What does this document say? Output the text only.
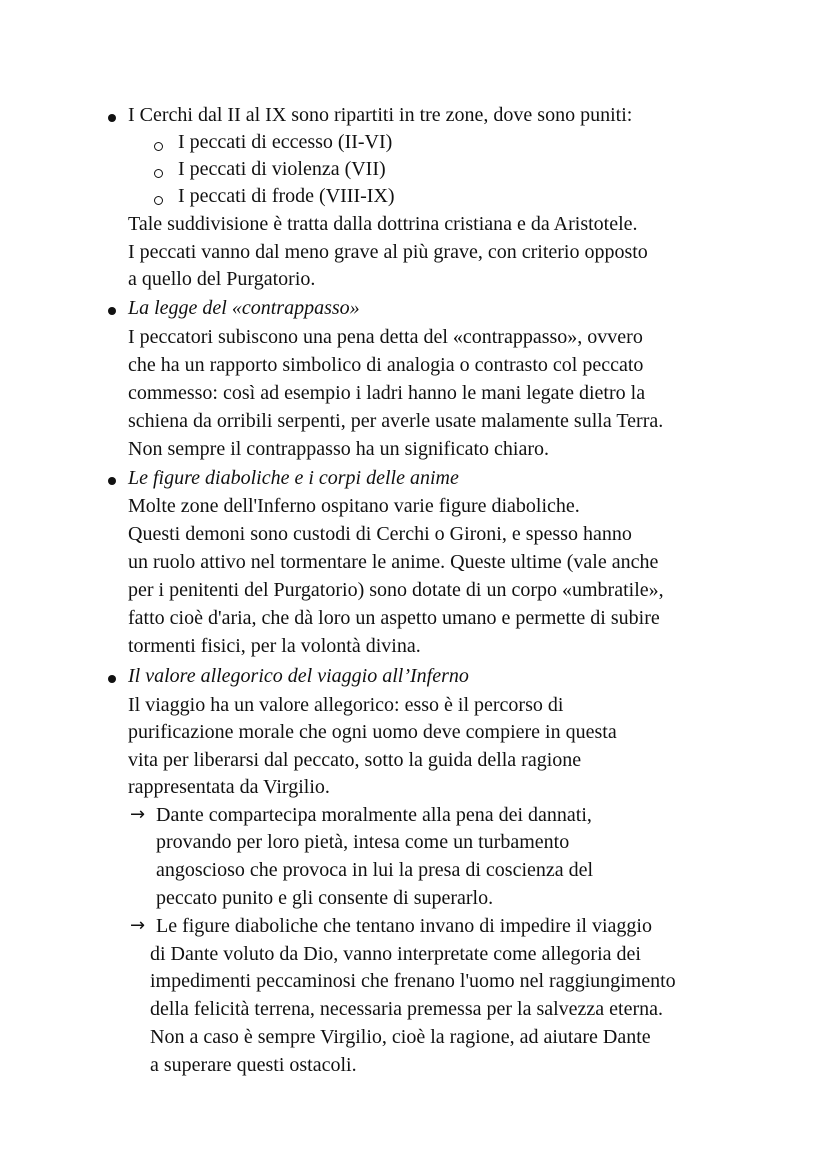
I Cerchi dal II al IX sono ripartiti in tre zone, dove sono puniti:
I peccati di eccesso (II-VI)
I peccati di violenza (VII)
I peccati di frode (VIII-IX)
Tale suddivisione è tratta dalla dottrina cristiana e da Aristotele.
I peccati vanno dal meno grave al più grave, con criterio opposto
a quello del Purgatorio.
La legge del «contrappasso»
I peccatori subiscono una pena detta del «contrappasso», ovvero
che ha un rapporto simbolico di analogia o contrasto col peccato
commesso: così ad esempio i ladri hanno le mani legate dietro la
schiena da orribili serpenti, per averle usate malamente sulla Terra.
Non sempre il contrappasso ha un significato chiaro.
Le figure diaboliche e i corpi delle anime
Molte zone dell'Inferno ospitano varie figure diaboliche.
Questi demoni sono custodi di Cerchi o Gironi, e spesso hanno
un ruolo attivo nel tormentare le anime. Queste ultime (vale anche
per i penitenti del Purgatorio) sono dotate di un corpo «umbratile»,
fatto cioè d'aria, che dà loro un aspetto umano e permette di subire
tormenti fisici, per la volontà divina.
Il valore allegorico del viaggio all’Inferno
Il viaggio ha un valore allegorico: esso è il percorso di
purificazione morale che ogni uomo deve compiere in questa
vita per liberarsi dal peccato, sotto la guida della ragione
rappresentata da Virgilio.
→ Dante compartecipa moralmente alla pena dei dannati,
provando per loro pietà, intesa come un turbamento
angoscioso che provoca in lui la presa di coscienza del
peccato punito e gli consente di superarlo.
→ Le figure diaboliche che tentano invano di impedire il viaggio
di Dante voluto da Dio, vanno interpretate come allegoria dei
impedimenti peccaminosi che frenano l'uomo nel raggiungimento
della felicità terrena, necessaria premessa per la salvezza eterna.
Non a caso è sempre Virgilio, cioè la ragione, ad aiutare Dante
a superare questi ostacoli.
